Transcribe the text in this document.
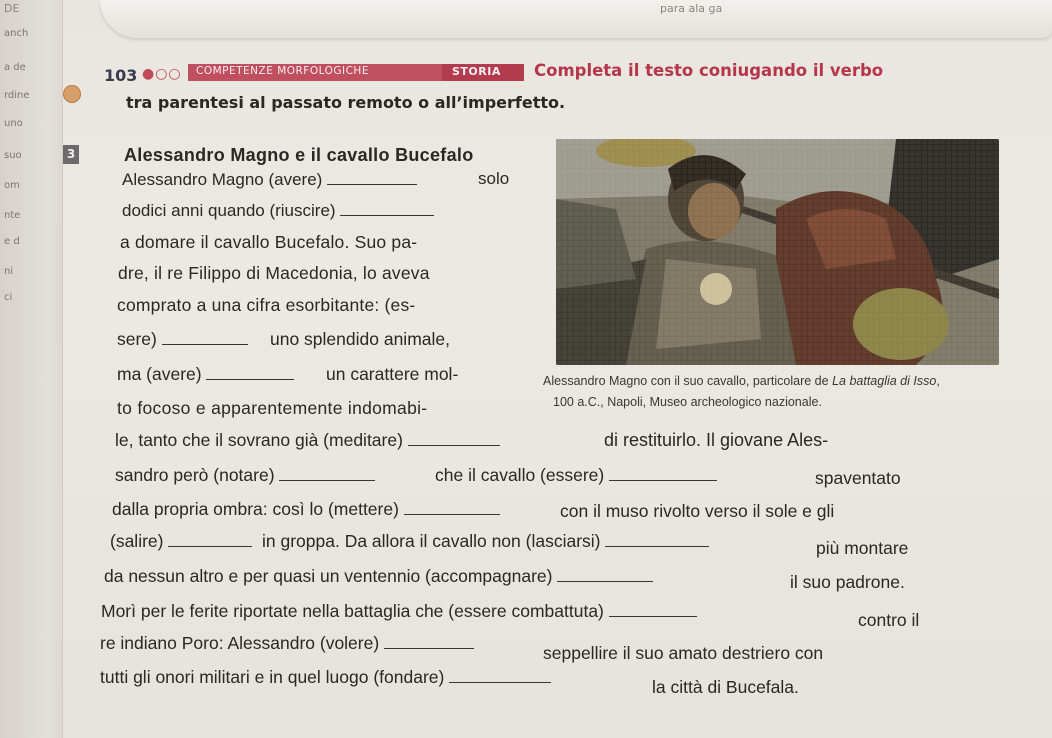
anch
a de
rdine
uno
suo
om
nte
e d
ni
ci
DE	para ala ga
103 ●○○ COMPETENZE MORFOLOGICHE	STORIA Completa il testo coniugando il verbo
tra parentesi al passato remoto o all’imperfetto.
3	Alessandro Magno e il cavallo Bucefalo
Alessandro Magno (avere)	solo
dodici anni quando (riuscire)
a domare il cavallo Bucefalo. Suo pa-
dre, il re Filippo di Macedonia, lo aveva
comprato a una cifra esorbitante: (es-
sere)	uno splendido animale,
ma (avere)	un carattere mol-
to focoso e apparentemente indomabi-
le, tanto che il sovrano già (meditare)	di restituirlo. Il giovane Ales-
sandro però (notare)	che il cavallo (essere)	spaventato
dalla propria ombra: così lo (mettere)	con il muso rivolto verso il sole e gli
(salire)	in groppa. Da allora il cavallo non (lasciarsi)	più montare
da nessun altro e per quasi un ventennio (accompagnare)	il suo padrone.
Morì per le ferite riportate nella battaglia che (essere combattuta)	contro il
re indiano Poro: Alessandro (volere)	seppellire il suo amato destriero con
tutti gli onori militari e in quel luogo (fondare)	la città di Bucefala.
Alessandro Magno con il suo cavallo, particolare de La battaglia di Isso,
100 a.C., Napoli, Museo archeologico nazionale.
